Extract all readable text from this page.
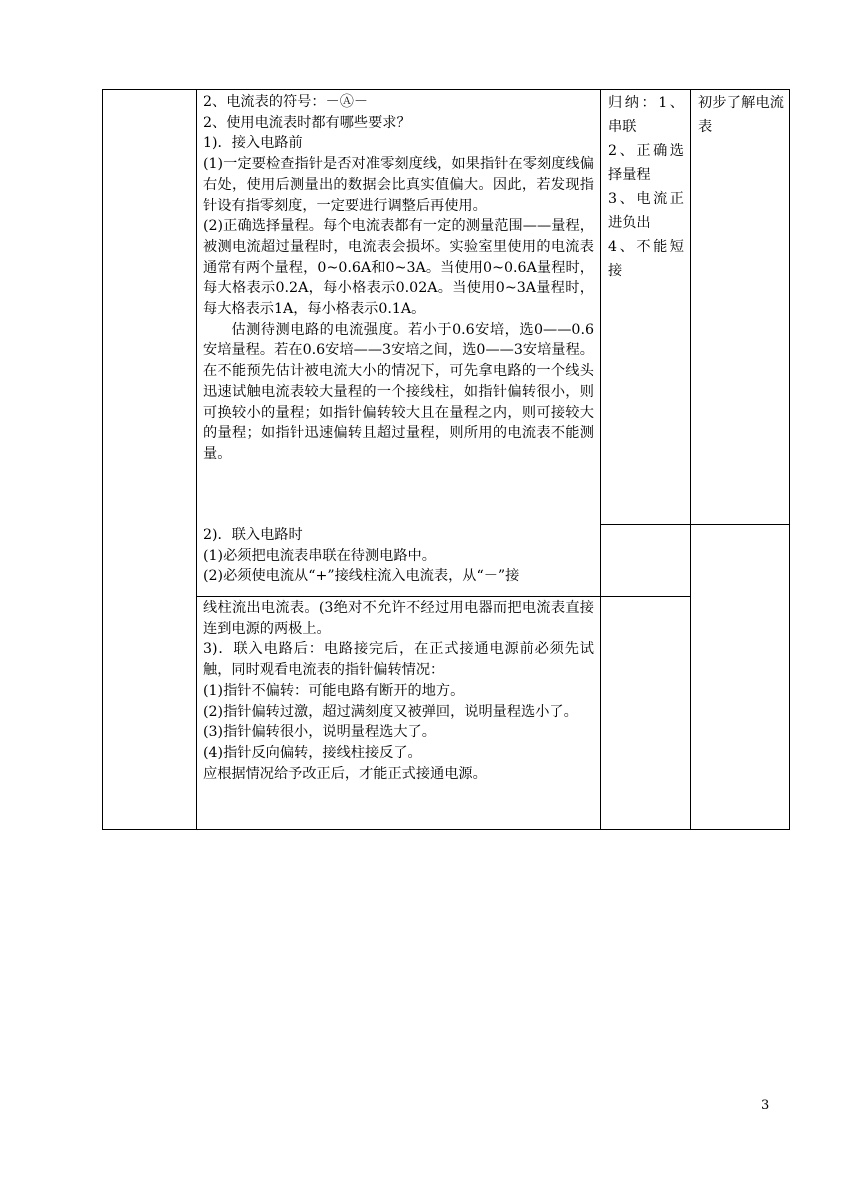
2、电流表的符号：－Ⓐ－

2、使用电流表时都有哪些要求？

1)．接入电路前

(1)一定要检查指针是否对准零刻度线，如果指针在零刻度线偏右处，使用后测量出的数据会比真实值偏大。因此，若发现指针设有指零刻度，一定要进行调整后再使用。

(2)正确选择量程。每个电流表都有一定的测量范围——量程，被测电流超过量程时，电流表会损坏。实验室里使用的电流表通常有两个量程，0~0.6A和0~3A。当使用0~0.6A量程时，每大格表示0.2A，每小格表示0.02A。当使用0~3A量程时，每大格表示1A，每小格表示0.1A。

估测待测电路的电流强度。若小于0.6安培，选0——0.6安培量程。若在0.6安培——3安培之间，选0——3安培量程。在不能预先估计被电流大小的情况下，可先拿电路的一个线头迅速试触电流表较大量程的一个接线柱，如指针偏转很小，则可换较小的量程；如指针偏转较大且在量程之内，则可接较大的量程；如指针迅速偏转且超过量程，则所用的电流表不能测量。

2)．联入电路时

(1)必须把电流表串联在待测电路中。

(2)必须使电流从“+”接线柱流入电流表，从“－”接

线柱流出电流表。(3绝对不允许不经过用电器而把电流表直接连到电源的两极上。

3)．联入电路后：电路接完后，在正式接通电源前必须先试触，同时观看电流表的指针偏转情况：

(1)指针不偏转：可能电路有断开的地方。

(2)指针偏转过激，超过满刻度又被弹回，说明量程选小了。

(3)指针偏转很小，说明量程选大了。

(4)指针反向偏转，接线柱接反了。

应根据情况给予改正后，才能正式接通电源。

归纳：1、串联

2、正确选择量程

3、电流正进负出

4、不能短接

初步了解电流表

3
